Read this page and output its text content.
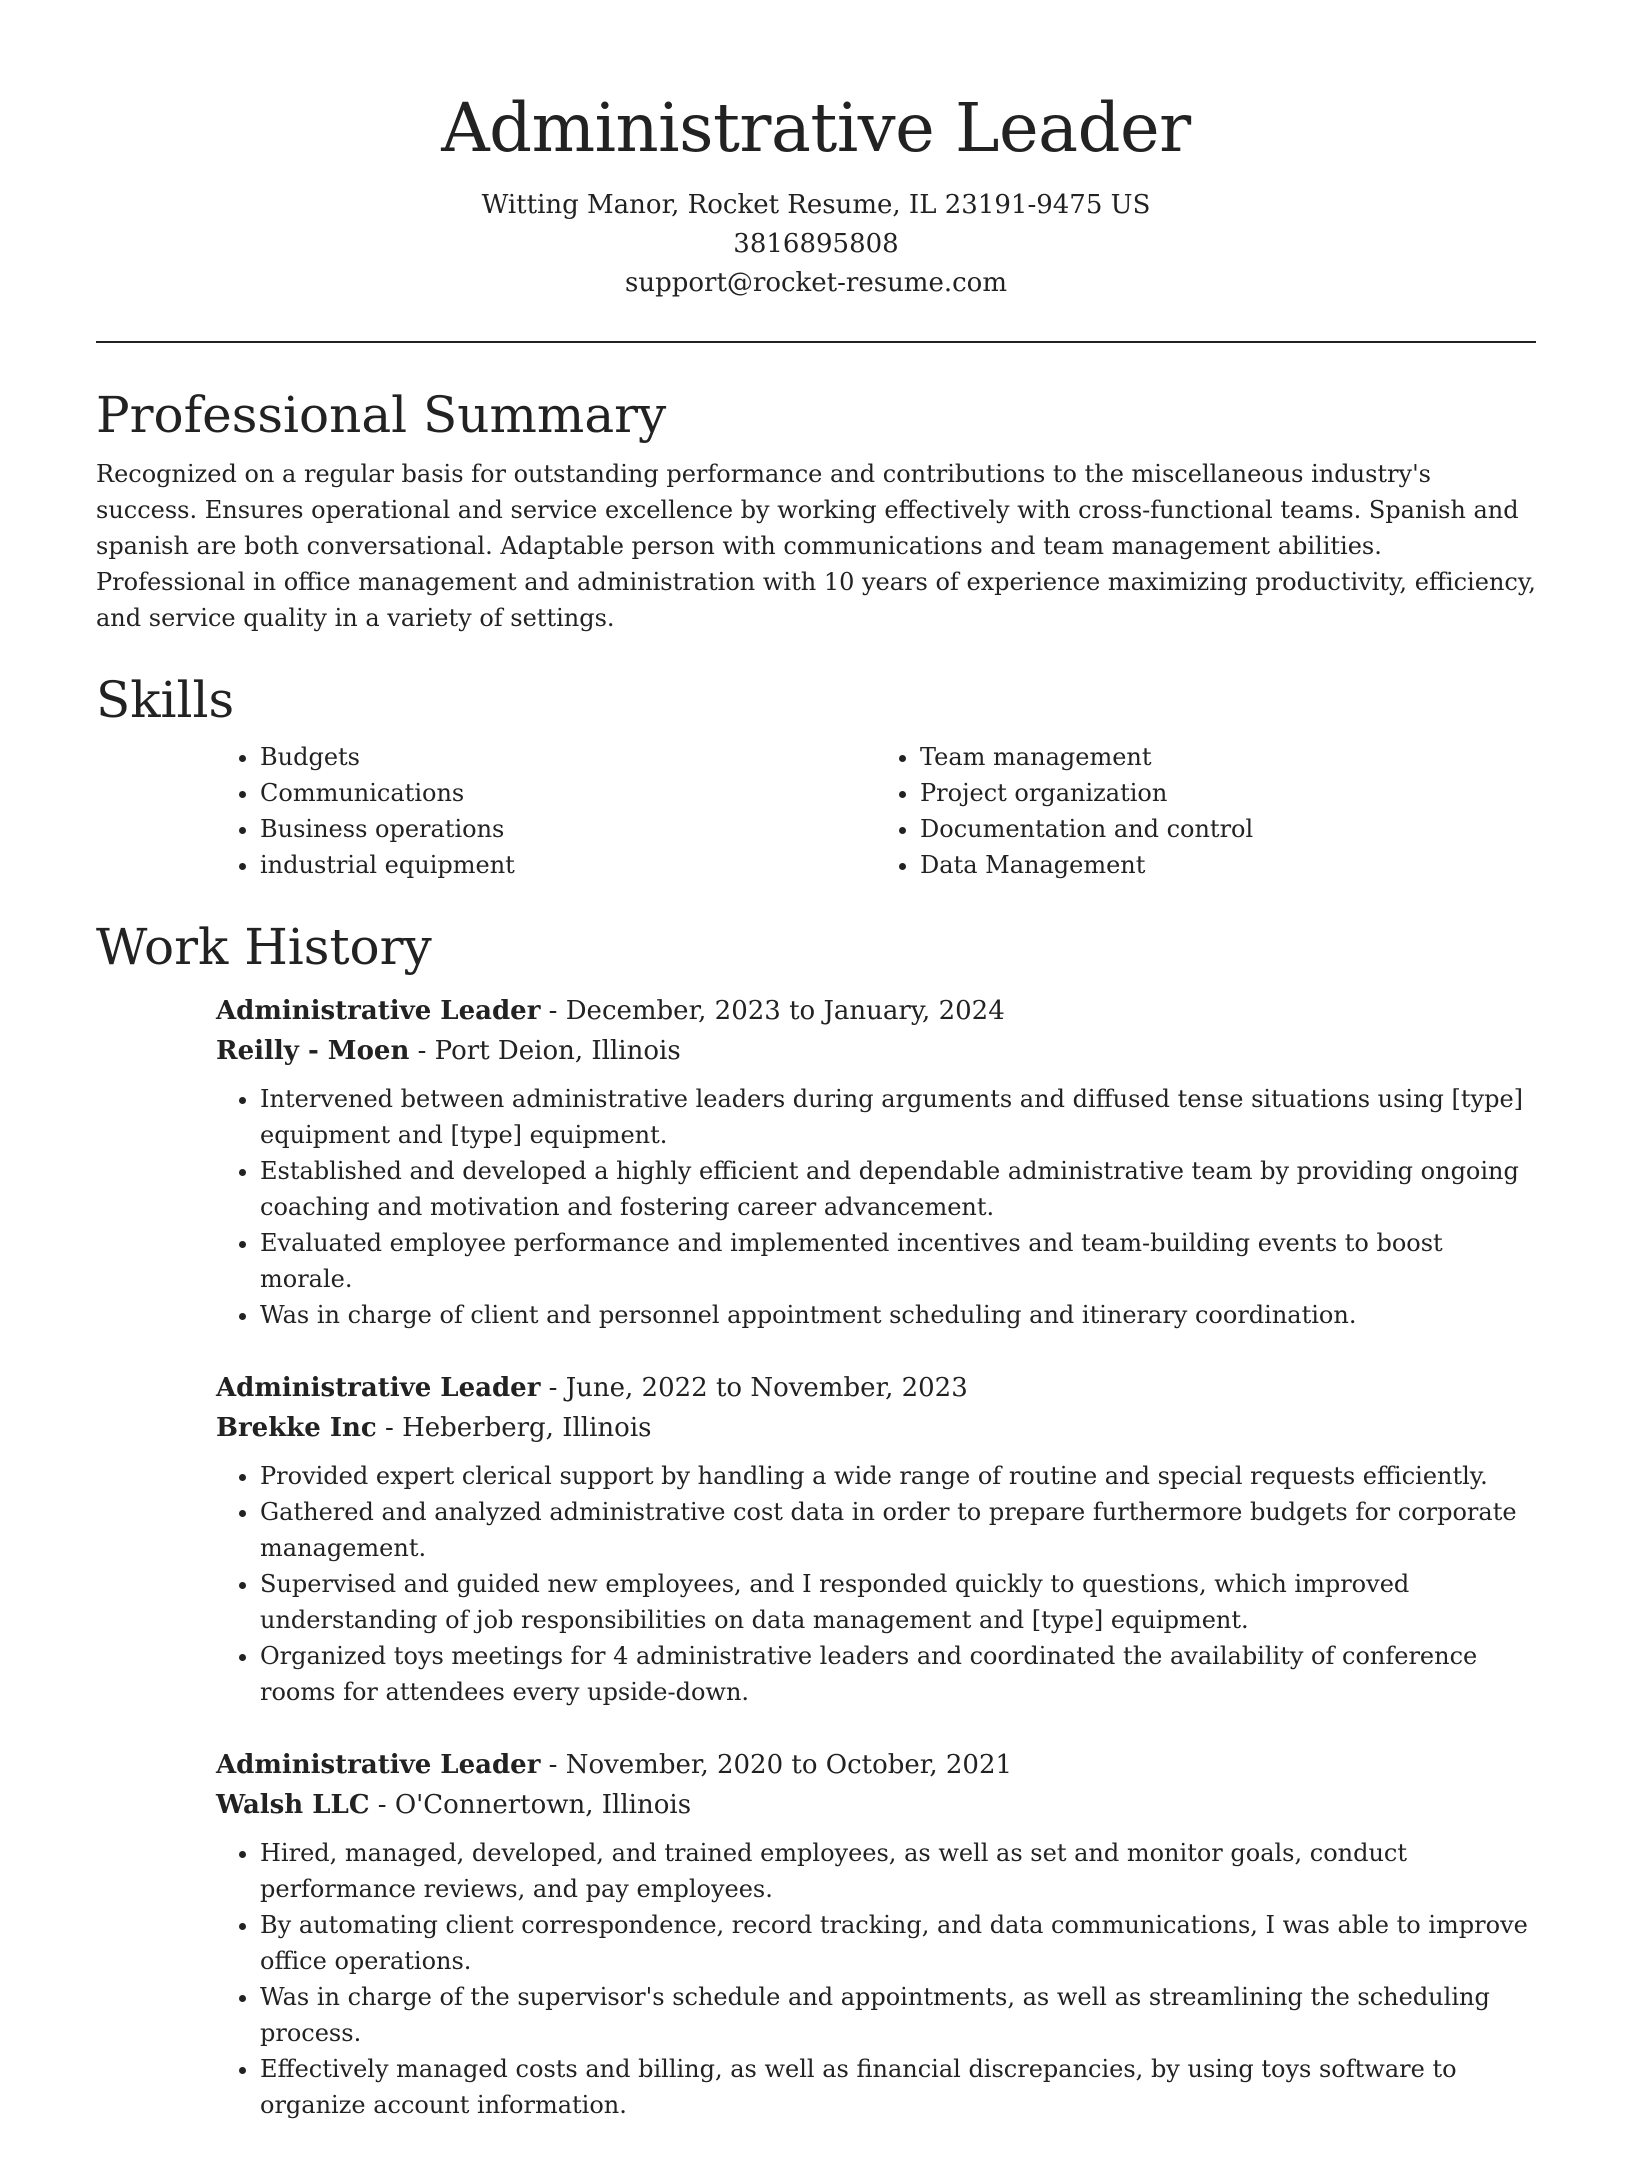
Administrative Leader

Witting Manor, Rocket Resume, IL 23191-9475 US

3816895808

support@rocket-resume.com

Professional Summary

Recognized on a regular basis for outstanding performance and contributions to the miscellaneous industry's success. Ensures operational and service excellence by working effectively with cross-functional teams. Spanish and spanish are both conversational. Adaptable person with communications and team management abilities. Professional in office management and administration with 10 years of experience maximizing productivity, efficiency, and service quality in a variety of settings.

Skills
• Budgets
• Communications
• Business operations
• industrial equipment
• Team management
• Project organization
• Documentation and control
• Data Management
Work History

Administrative Leader - December, 2023 to January, 2024

Reilly - Moen - Port Deion, Illinois

• Intervened between administrative leaders during arguments and diffused tense situations using [type] equipment and [type] equipment.
• Established and developed a highly efficient and dependable administrative team by providing ongoing coaching and motivation and fostering career advancement.
• Evaluated employee performance and implemented incentives and team-building events to boost morale.
• Was in charge of client and personnel appointment scheduling and itinerary coordination.

Administrative Leader - June, 2022 to November, 2023

Brekke Inc - Heberberg, Illinois

• Provided expert clerical support by handling a wide range of routine and special requests efficiently.
• Gathered and analyzed administrative cost data in order to prepare furthermore budgets for corporate management.
• Supervised and guided new employees, and I responded quickly to questions, which improved understanding of job responsibilities on data management and [type] equipment.
• Organized toys meetings for 4 administrative leaders and coordinated the availability of conference rooms for attendees every upside-down.

Administrative Leader - November, 2020 to October, 2021

Walsh LLC - O'Connertown, Illinois

• Hired, managed, developed, and trained employees, as well as set and monitor goals, conduct performance reviews, and pay employees.
• By automating client correspondence, record tracking, and data communications, I was able to improve office operations.
• Was in charge of the supervisor's schedule and appointments, as well as streamlining the scheduling process.
• Effectively managed costs and billing, as well as financial discrepancies, by using toys software to organize account information.
